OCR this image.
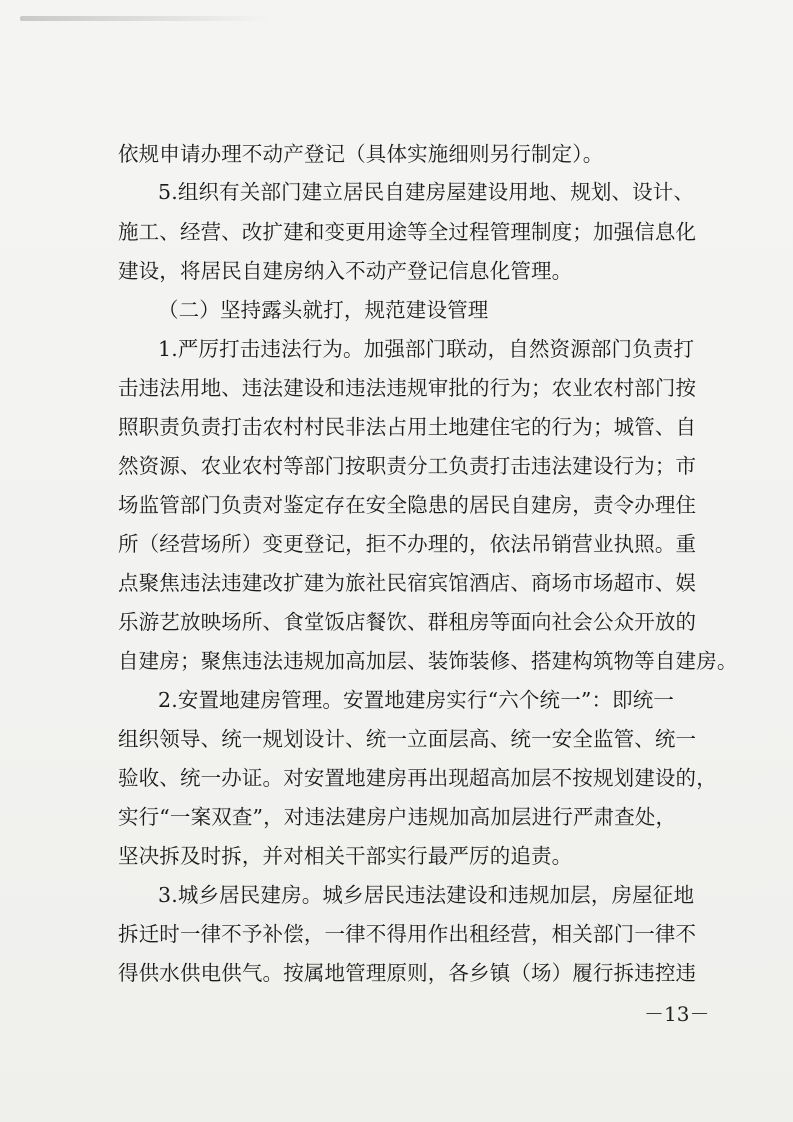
依规申请办理不动产登记（具体实施细则另行制定）。
5.组织有关部门建立居民自建房屋建设用地、规划、设计、
施工、经营、改扩建和变更用途等全过程管理制度；加强信息化
建设，将居民自建房纳入不动产登记信息化管理。
（二）坚持露头就打，规范建设管理
1.严厉打击违法行为。加强部门联动，自然资源部门负责打
击违法用地、违法建设和违法违规审批的行为；农业农村部门按
照职责负责打击农村村民非法占用土地建住宅的行为；城管、自
然资源、农业农村等部门按职责分工负责打击违法建设行为；市
场监管部门负责对鉴定存在安全隐患的居民自建房，责令办理住
所（经营场所）变更登记，拒不办理的，依法吊销营业执照。重
点聚焦违法违建改扩建为旅社民宿宾馆酒店、商场市场超市、娱
乐游艺放映场所、食堂饭店餐饮、群租房等面向社会公众开放的
自建房；聚焦违法违规加高加层、装饰装修、搭建构筑物等自建房。
2.安置地建房管理。安置地建房实行“六个统一”：即统一
组织领导、统一规划设计、统一立面层高、统一安全监管、统一
验收、统一办证。对安置地建房再出现超高加层不按规划建设的，
实行“一案双查”，对违法建房户违规加高加层进行严肃查处，
坚决拆及时拆，并对相关干部实行最严厉的追责。
3.城乡居民建房。城乡居民违法建设和违规加层，房屋征地
拆迁时一律不予补偿，一律不得用作出租经营，相关部门一律不
得供水供电供气。按属地管理原则，各乡镇（场）履行拆违控违
－13－
